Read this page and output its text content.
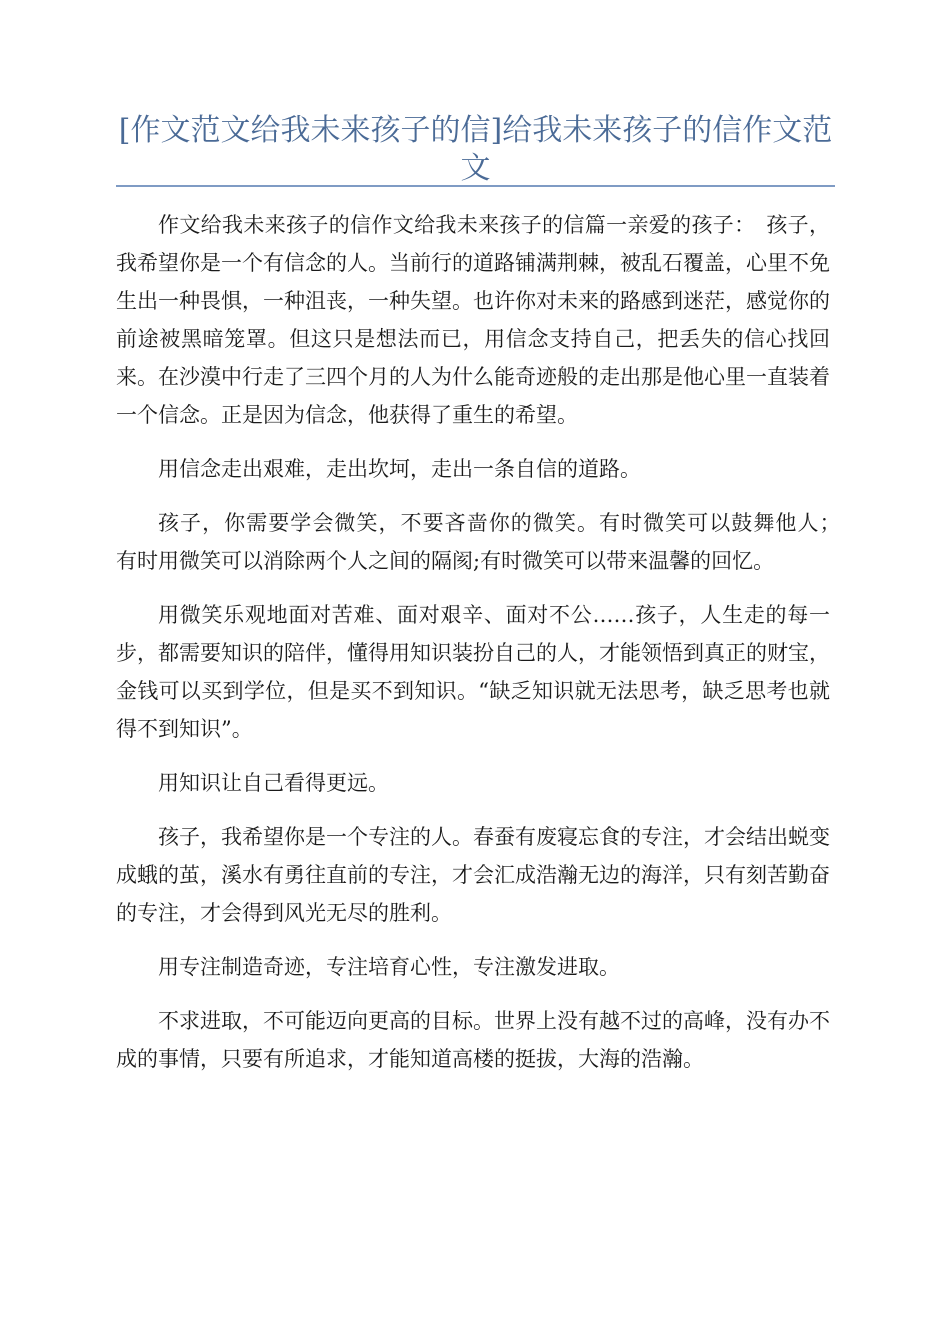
[作文范文给我未来孩子的信]给我未来孩子的信作文范文

作文给我未来孩子的信作文给我未来孩子的信篇一亲爱的孩子：　孩子，我希望你是一个有信念的人。当前行的道路铺满荆棘，被乱石覆盖，心里不免生出一种畏惧，一种沮丧，一种失望。也许你对未来的路感到迷茫，感觉你的前途被黑暗笼罩。但这只是想法而已，用信念支持自己，把丢失的信心找回来。在沙漠中行走了三四个月的人为什么能奇迹般的走出那是他心里一直装着一个信念。正是因为信念，他获得了重生的希望。

用信念走出艰难，走出坎坷，走出一条自信的道路。

孩子，你需要学会微笑，不要吝啬你的微笑。有时微笑可以鼓舞他人；　有时用微笑可以消除两个人之间的隔阂;有时微笑可以带来温馨的回忆。

用微笑乐观地面对苦难、面对艰辛、面对不公……孩子，人生走的每一步，都需要知识的陪伴，懂得用知识装扮自己的人，才能领悟到真正的财宝，金钱可以买到学位，但是买不到知识。“缺乏知识就无法思考，缺乏思考也就得不到知识”。

用知识让自己看得更远。

孩子，我希望你是一个专注的人。春蚕有废寝忘食的专注，才会结出蜕变成蛾的茧，溪水有勇往直前的专注，才会汇成浩瀚无边的海洋，只有刻苦勤奋的专注，才会得到风光无尽的胜利。

用专注制造奇迹，专注培育心性，专注激发进取。

不求进取，不可能迈向更高的目标。世界上没有越不过的高峰，没有办不成的事情，只要有所追求，才能知道高楼的挺拔，大海的浩瀚。
